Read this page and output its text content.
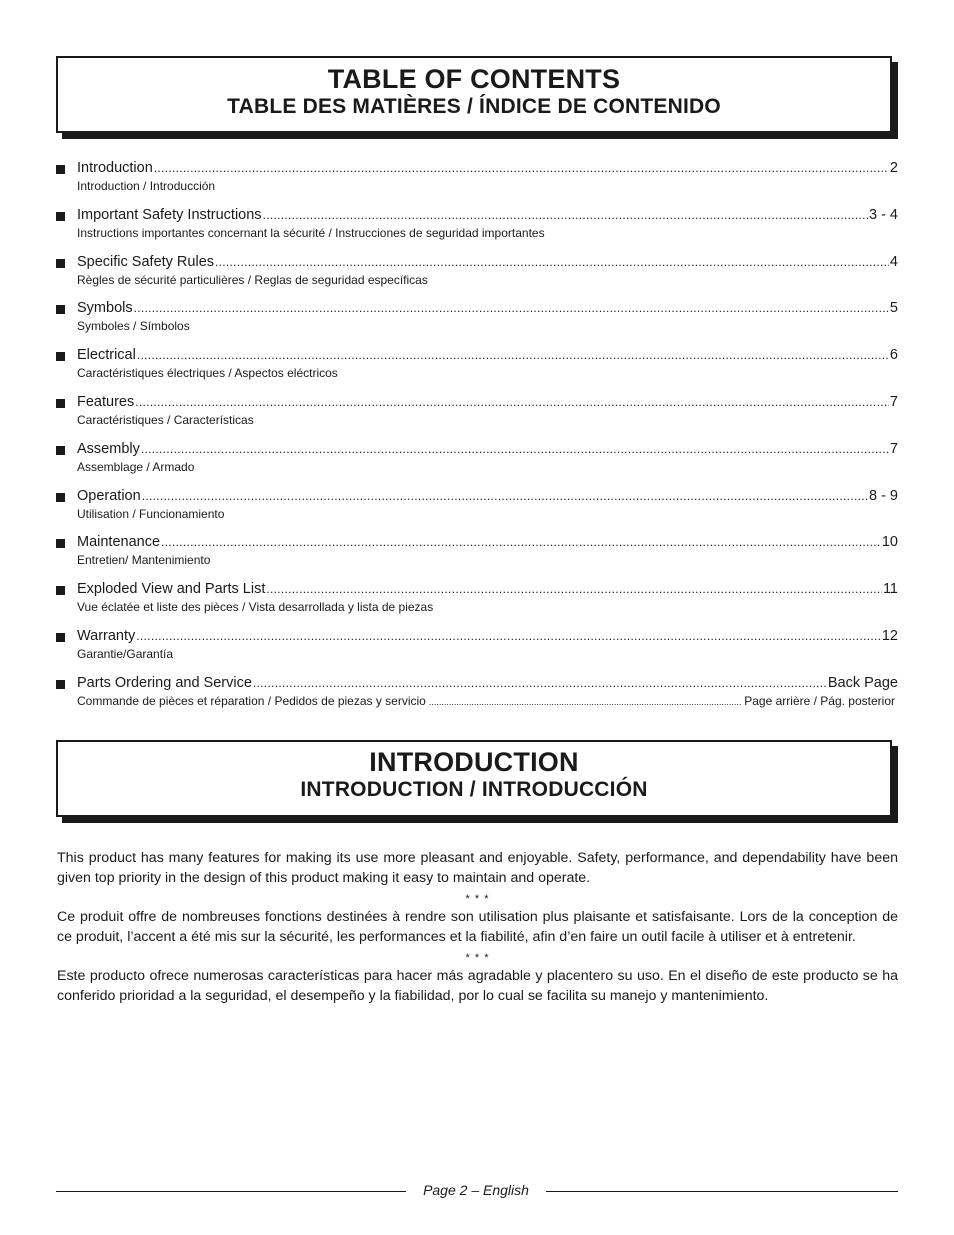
TABLE OF CONTENTS
TABLE DES MATIÈRES / ÍNDICE DE CONTENIDO
Introduction .....	2
Introduction / Introducción
Important Safety Instructions .....	3 - 4
Instructions importantes concernant la sécurité / Instrucciones de seguridad importantes
Specific Safety Rules .....	4
Règles de sécurité particulières / Reglas de seguridad específicas
Symbols .....	5
Symboles / Símbolos
Electrical .....	6
Caractéristiques électriques / Aspectos eléctricos
Features .....	7
Caractéristiques / Características
Assembly .....	7
Assemblage / Armado
Operation .....	8 - 9
Utilisation / Funcionamiento
Maintenance .....	10
Entretien/ Mantenimiento
Exploded View and Parts List .....	11
Vue éclatée et liste des pièces / Vista desarrollada y lista de piezas
Warranty .....	12
Garantie/Garantía
Parts Ordering and Service .....	Back Page
Commande de pièces et réparation / Pedidos de piezas y servicio .....	Page arrière / Pág. posterior
INTRODUCTION
INTRODUCTION / INTRODUCCIÓN

This product has many features for making its use more pleasant and enjoyable. Safety, performance, and dependability have been given top priority in the design of this product making it easy to maintain and operate.

* * *

Ce produit offre de nombreuses fonctions destinées à rendre son utilisation plus plaisante et satisfaisante. Lors de la conception de ce produit, l’accent a été mis sur la sécurité, les performances et la fiabilité, afin d’en faire un outil facile à utiliser et à entretenir.

* * *

Este producto ofrece numerosas características para hacer más agradable y placentero su uso. En el diseño de este producto se ha conferido prioridad a la seguridad, el desempeño y la fiabilidad, por lo cual se facilita su manejo y mantenimiento.

Page 2 – English
